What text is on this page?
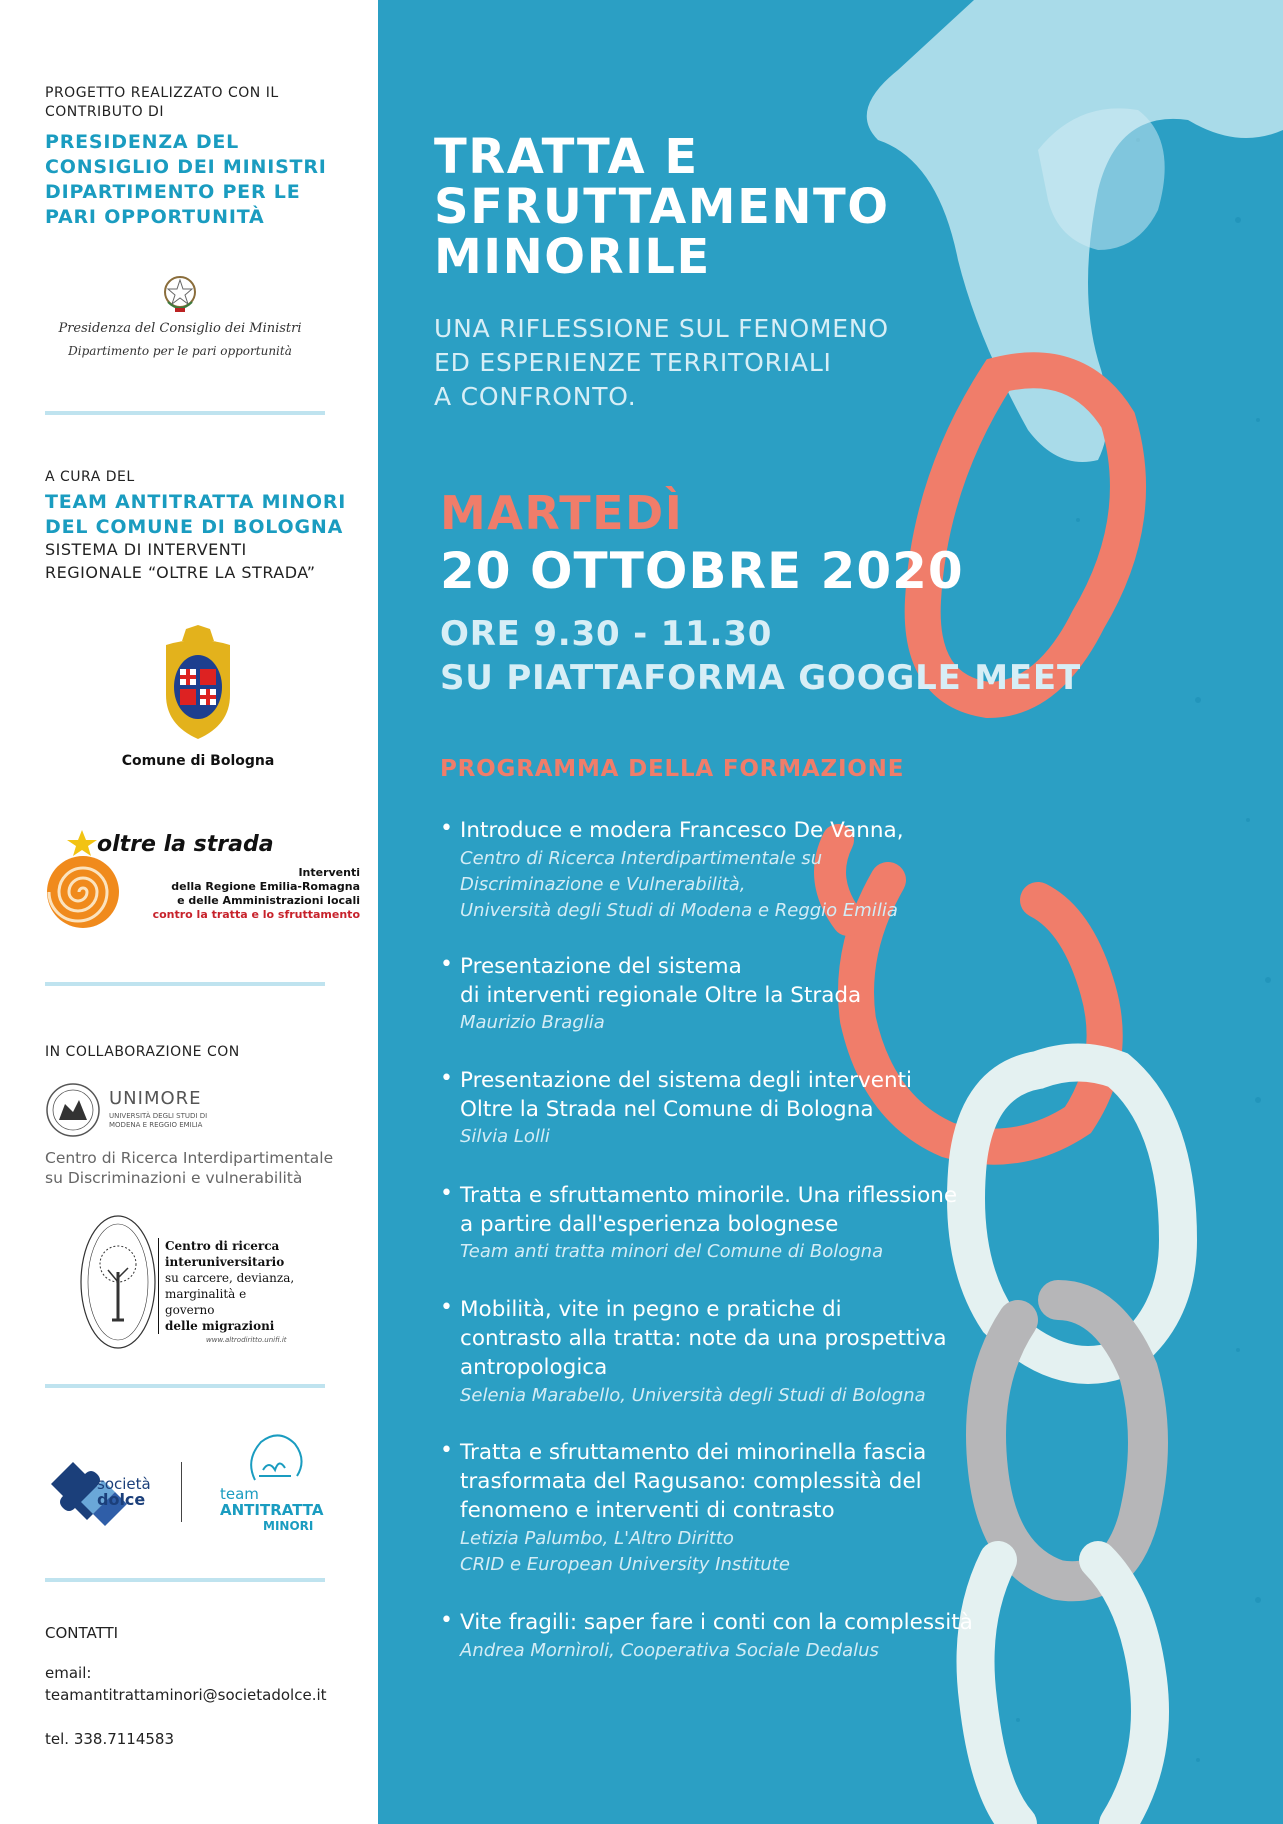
PROGETTO REALIZZATO CON IL
CONTRIBUTO DI
PRESIDENZA DEL
CONSIGLIO DEI MINISTRI
DIPARTIMENTO PER LE
PARI OPPORTUNITÀ
Presidenza del Consiglio dei Ministri
Dipartimento per le pari opportunità
A CURA DEL
TEAM ANTITRATTA MINORI
DEL COMUNE DI BOLOGNA
SISTEMA DI INTERVENTI
REGIONALE “OLTRE LA STRADA”
Comune di Bologna
oltre la strada
Interventi
della Regione Emilia-Romagna
e delle Amministrazioni locali
contro la tratta e lo sfruttamento
IN COLLABORAZIONE CON
UNIMORE
UNIVERSITÀ DEGLI STUDI DI
MODENA E REGGIO EMILIA
Centro di Ricerca Interdipartimentale
su Discriminazioni e vulnerabilità
Centro di ricerca
interuniversitario
su carcere, devianza,
marginalità e governo
delle migrazioni
www.altrodiritto.unifi.it
società
dolce	team
ANTITRATTA
MINORI
CONTATTI
email:
teamantitrattaminori@societadolce.it
tel. 338.7114583
TRATTA E
SFRUTTAMENTO
MINORILE
UNA RIFLESSIONE SUL FENOMENO
ED ESPERIENZE TERRITORIALI
A CONFRONTO.
MARTEDÌ
20 OTTOBRE 2020
ORE 9.30 - 11.30
SU PIATTAFORMA GOOGLE MEET
PROGRAMMA DELLA FORMAZIONE
• Introduce e modera Francesco De Vanna,
Centro di Ricerca Interdipartimentale su
Discriminazione e Vulnerabilità,
Università degli Studi di Modena e Reggio Emilia
• Presentazione del sistema
di interventi regionale Oltre la Strada
Maurizio Braglia
• Presentazione del sistema degli interventi
Oltre la Strada nel Comune di Bologna
Silvia Lolli
• Tratta e sfruttamento minorile. Una riflessione
a partire dall'esperienza bolognese
Team anti tratta minori del Comune di Bologna
• Mobilità, vite in pegno e pratiche di
contrasto alla tratta: note da una prospettiva
antropologica
Selenia Marabello, Università degli Studi di Bologna
• Tratta e sfruttamento dei minorinella fascia
trasformata del Ragusano: complessità del
fenomeno e interventi di contrasto
Letizia Palumbo, L'Altro Diritto
CRID e European University Institute
• Vite fragili: saper fare i conti con la complessità
Andrea Mornìroli, Cooperativa Sociale Dedalus
